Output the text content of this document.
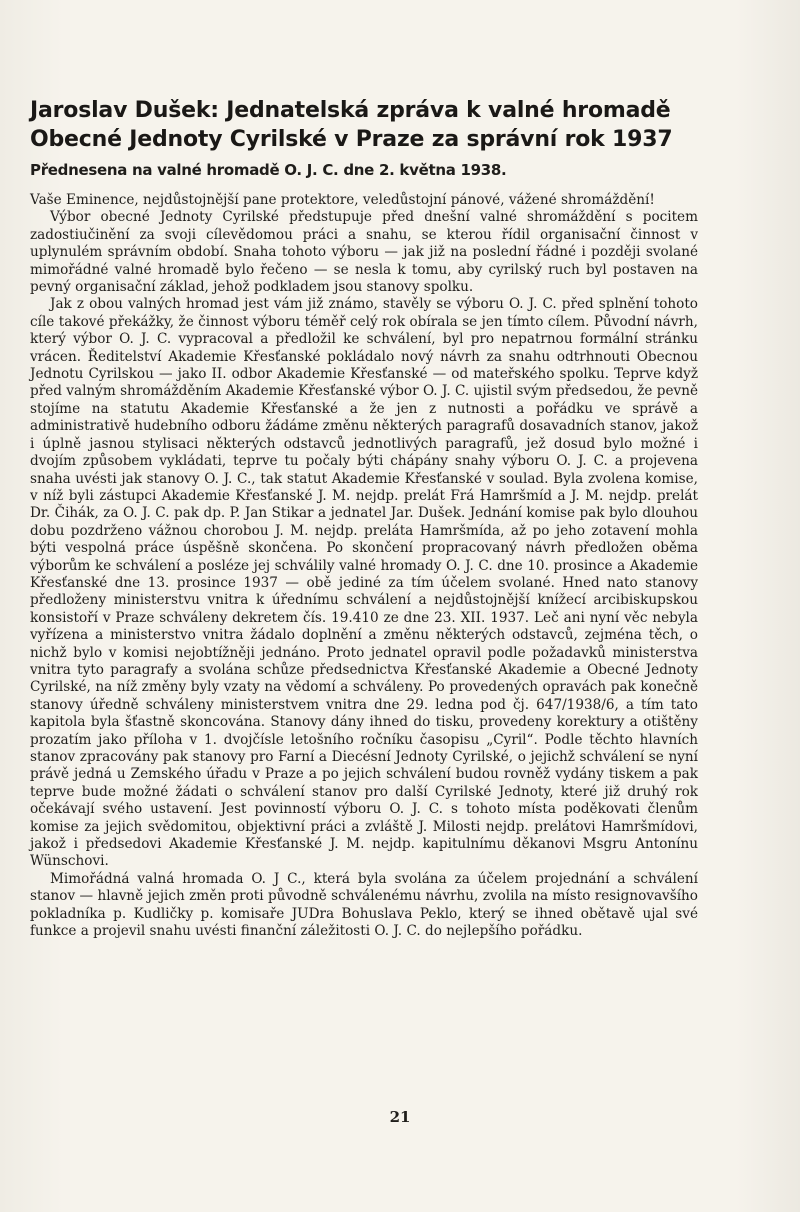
Jaroslav Dušek: Jednatelská zpráva k valné hromadě
Obecné Jednoty Cyrilské v Praze za správní rok 1937
Přednesena na valné hromadě O. J. C. dne 2. května 1938.

Vaše Eminence, nejdůstojnější pane protektore, veledůstojní pánové, vážené shromáždění!

Výbor obecné Jednoty Cyrilské předstupuje před dnešní valné shromáždění s pocitem zadostiučinění za svoji cílevědomou práci a snahu, se kterou řídil organisační činnost v uplynulém správním období. Snaha tohoto výboru — jak již na poslední řádné i později svolané mimořádné valné hromadě bylo řečeno — se nesla k tomu, aby cyrilský ruch byl postaven na pevný organisační základ, jehož podkladem jsou stanovy spolku.

Jak z obou valných hromad jest vám již známo, stavěly se výboru O. J. C. před splnění tohoto cíle takové překážky, že činnost výboru téměř celý rok obírala se jen tímto cílem. Původní návrh, který výbor O. J. C. vypracoval a předložil ke schválení, byl pro nepatrnou formální stránku vrácen. Ředitelství Akademie Křesťanské pokládalo nový návrh za snahu odtrhnouti Obecnou Jednotu Cyrilskou — jako II. odbor Akademie Křesťanské — od mateřského spolku. Teprve když před valným shromážděním Akademie Křesťanské výbor O. J. C. ujistil svým předsedou, že pevně stojíme na statutu Akademie Křesťanské a že jen z nutnosti a pořádku ve správě a administrativě hudebního odboru žádáme změnu některých paragrafů dosavadních stanov, jakož i úplně jasnou stylisaci některých odstavců jednotlivých paragrafů, jež dosud bylo možné i dvojím způsobem vykládati, teprve tu počaly býti chápány snahy výboru O. J. C. a projevena snaha uvésti jak stanovy O. J. C., tak statut Akademie Křesťanské v soulad. Byla zvolena komise, v níž byli zástupci Akademie Křesťanské J. M. nejdp. prelát Frá Hamršmíd a J. M. nejdp. prelát Dr. Čihák, za O. J. C. pak dp. P. Jan Stikar a jednatel Jar. Dušek. Jednání komise pak bylo dlouhou dobu pozdrženo vážnou chorobou J. M. nejdp. preláta Hamršmída, až po jeho zotavení mohla býti vespolná práce úspěšně skončena. Po skončení propracovaný návrh předložen oběma výborům ke schválení a posléze jej schválily valné hromady O. J. C. dne 10. prosince a Akademie Křesťanské dne 13. prosince 1937 — obě jediné za tím účelem svolané. Hned nato stanovy předloženy ministerstvu vnitra k úřednímu schválení a nejdůstojnější knížecí arcibiskupskou konsistoří v Praze schváleny dekretem čís. 19.410 ze dne 23. XII. 1937. Leč ani nyní věc nebyla vyřízena a ministerstvo vnitra žádalo doplnění a změnu některých odstavců, zejména těch, o nichž bylo v komisi nejobtížněji jednáno. Proto jednatel opravil podle požadavků ministerstva vnitra tyto paragrafy a svolána schůze předsednictva Křesťanské Akademie a Obecné Jednoty Cyrilské, na níž změny byly vzaty na vědomí a schváleny. Po provedených opravách pak konečně stanovy úředně schváleny ministerstvem vnitra dne 29. ledna pod čj. 647/1938/6, a tím tato kapitola byla šťastně skoncována. Stanovy dány ihned do tisku, provedeny korektury a otištěny prozatím jako příloha v 1. dvojčísle letošního ročníku časopisu „Cyril“. Podle těchto hlavních stanov zpracovány pak stanovy pro Farní a Diecésní Jednoty Cyrilské, o jejichž schválení se nyní právě jedná u Zemského úřadu v Praze a po jejich schválení budou rovněž vydány tiskem a pak teprve bude možné žádati o schválení stanov pro další Cyrilské Jednoty, které již druhý rok očekávají svého ustavení. Jest povinností výboru O. J. C. s tohoto místa poděkovati členům komise za jejich svědomitou, objektivní práci a zvláště J. Milosti nejdp. prelátovi Hamršmídovi, jakož i předsedovi Akademie Křesťanské J. M. nejdp. kapitulnímu děkanovi Msgru Antonínu Wünschovi.

Mimořádná valná hromada O. J C., která byla svolána za účelem projednání a schválení stanov — hlavně jejich změn proti původně schválenému návrhu, zvolila na místo resignovavšího pokladníka p. Kudličky p. komisaře JUDra Bohuslava Peklo, který se ihned obětavě ujal své funkce a projevil snahu uvésti finanční záležitosti O. J. C. do nejlepšího pořádku.

21
